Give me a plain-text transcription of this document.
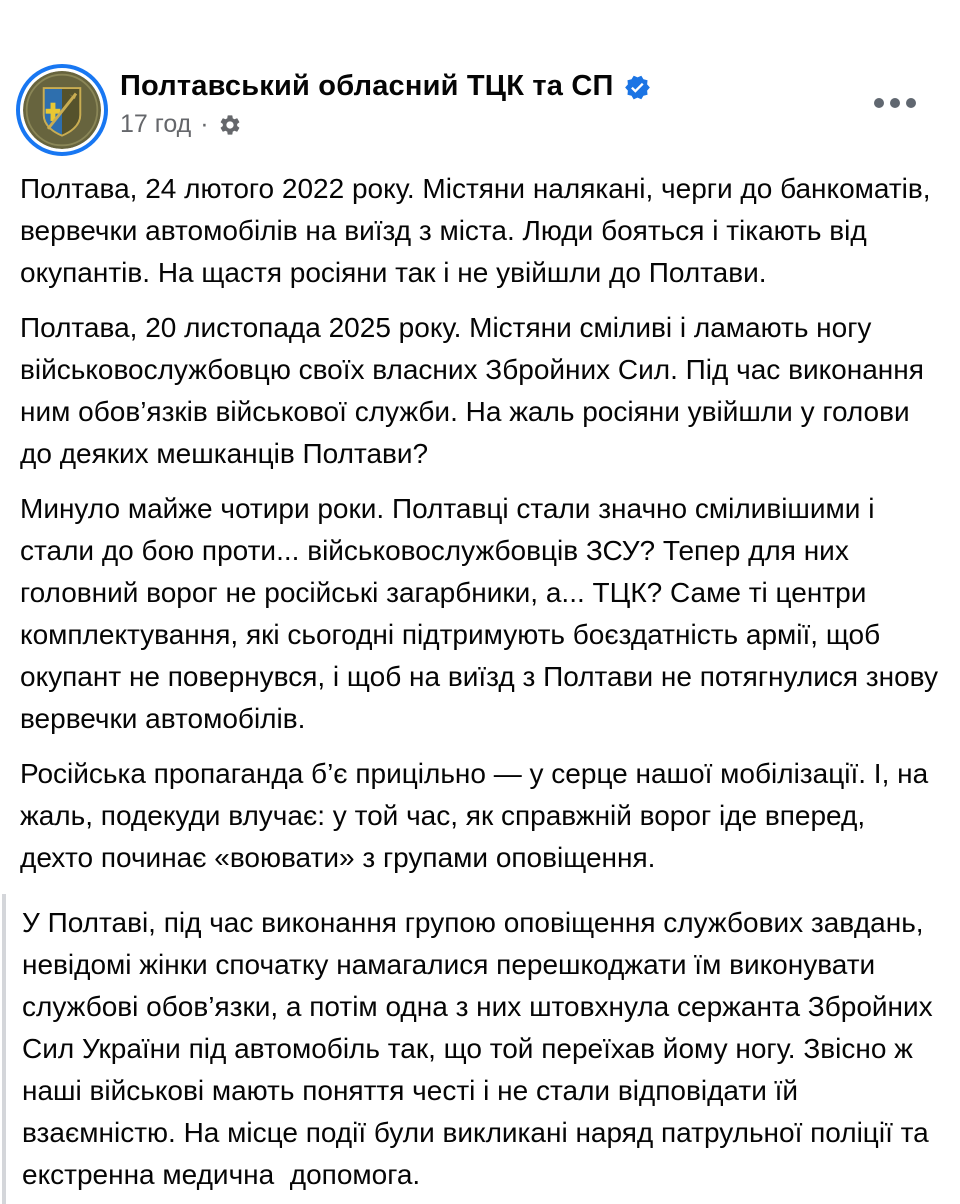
Полтавський обласний ТЦК та СП
17 год ·

Полтава, 24 лютого 2022 року. Містяни налякані, черги до банкоматів, вервечки автомобілів на виїзд з міста. Люди бояться і тікають від окупантів. На щастя росіяни так і не увійшли до Полтави.

Полтава, 20 листопада 2025 року. Містяни сміливі і ламають ногу військовослужбовцю своїх власних Збройних Сил. Під час виконання ним обов’язків військової служби. На жаль росіяни увійшли у голови до деяких мешканців Полтави?

Минуло майже чотири роки. Полтавці стали значно сміливішими і стали до бою проти... військовослужбовців ЗСУ? Тепер для них головний ворог не російські загарбники, а... ТЦК? Саме ті центри комплектування, які сьогодні підтримують боєздатність армії, щоб окупант не повернувся, і щоб на виїзд з Полтави не потягнулися знову вервечки автомобілів.

Російська пропаганда б’є прицільно — у серце нашої мобілізації. І, на жаль, подекуди влучає: у той час, як справжній ворог іде вперед, дехто починає «воювати» з групами оповіщення.

У Полтаві, під час виконання групою оповіщення службових завдань, невідомі жінки спочатку намагалися перешкоджати їм виконувати службові обов’язки, а потім одна з них штовхнула сержанта Збройних Сил України під автомобіль так, що той переїхав йому ногу. Звісно ж наші військові мають поняття честі і не стали відповідати їй взаємністю. На місце події були викликані наряд патрульної поліції та екстренна медична  допомога.
